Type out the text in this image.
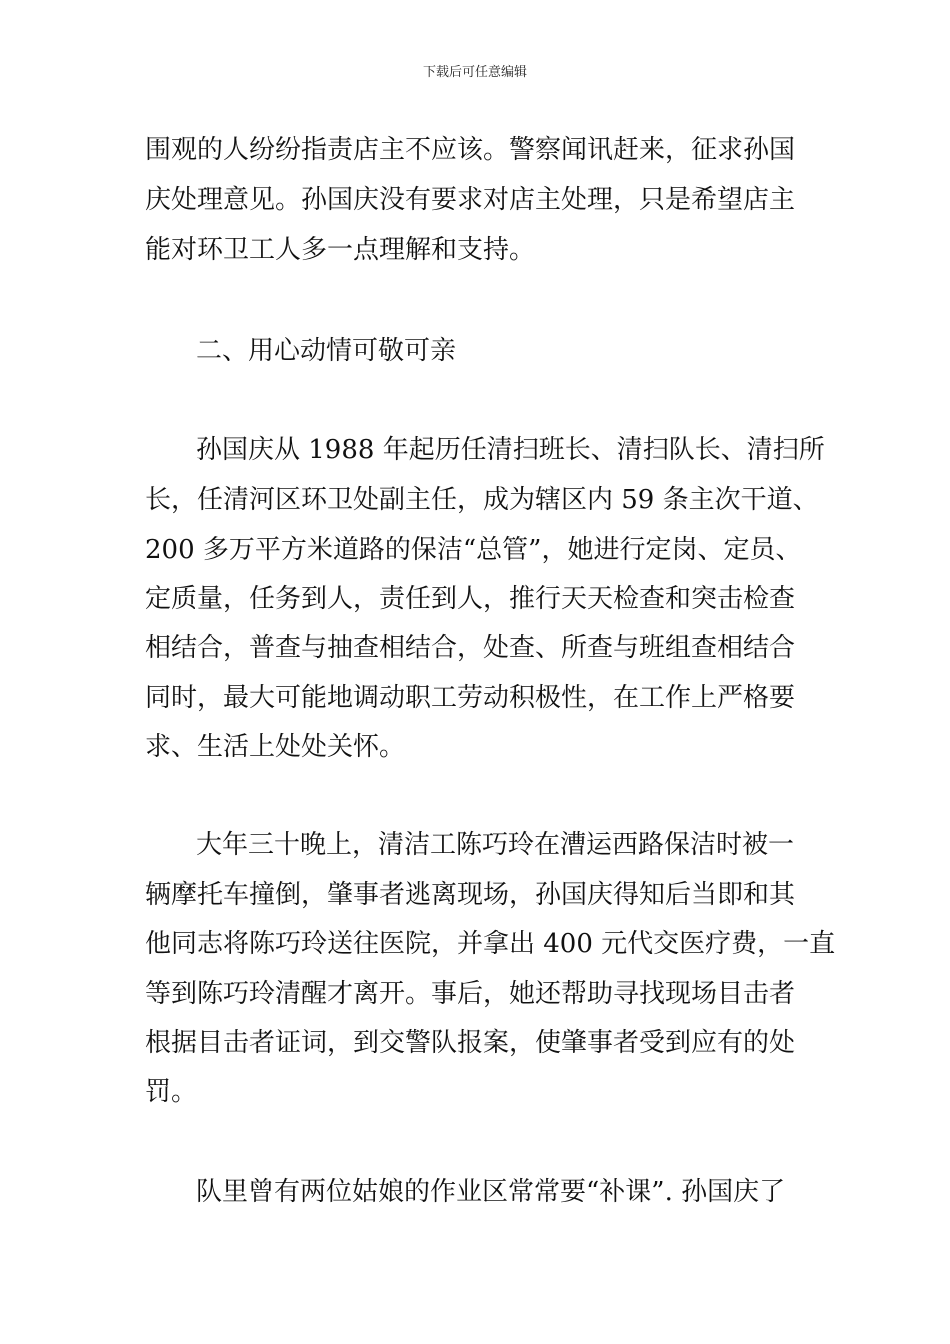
下载后可任意编辑
围观的人纷纷指责店主不应该。警察闻讯赶来，征求孙国
庆处理意见。孙国庆没有要求对店主处理，只是希望店主
能对环卫工人多一点理解和支持。
二、用心动情可敬可亲
孙国庆从 1988 年起历任清扫班长、清扫队长、清扫所
长，任清河区环卫处副主任，成为辖区内 59 条主次干道、
200 多万平方米道路的保洁“总管”，她进行定岗、定员、
定质量，任务到人，责任到人，推行天天检查和突击检查
相结合，普查与抽查相结合，处查、所查与班组查相结合
同时，最大可能地调动职工劳动积极性，在工作上严格要
求、生活上处处关怀。
大年三十晚上，清洁工陈巧玲在漕运西路保洁时被一
辆摩托车撞倒，肇事者逃离现场，孙国庆得知后当即和其
他同志将陈巧玲送往医院，并拿出 400 元代交医疗费，一直
等到陈巧玲清醒才离开。事后，她还帮助寻找现场目击者
根据目击者证词，到交警队报案，使肇事者受到应有的处
罚。
队里曾有两位姑娘的作业区常常要“补课”. 孙国庆了
